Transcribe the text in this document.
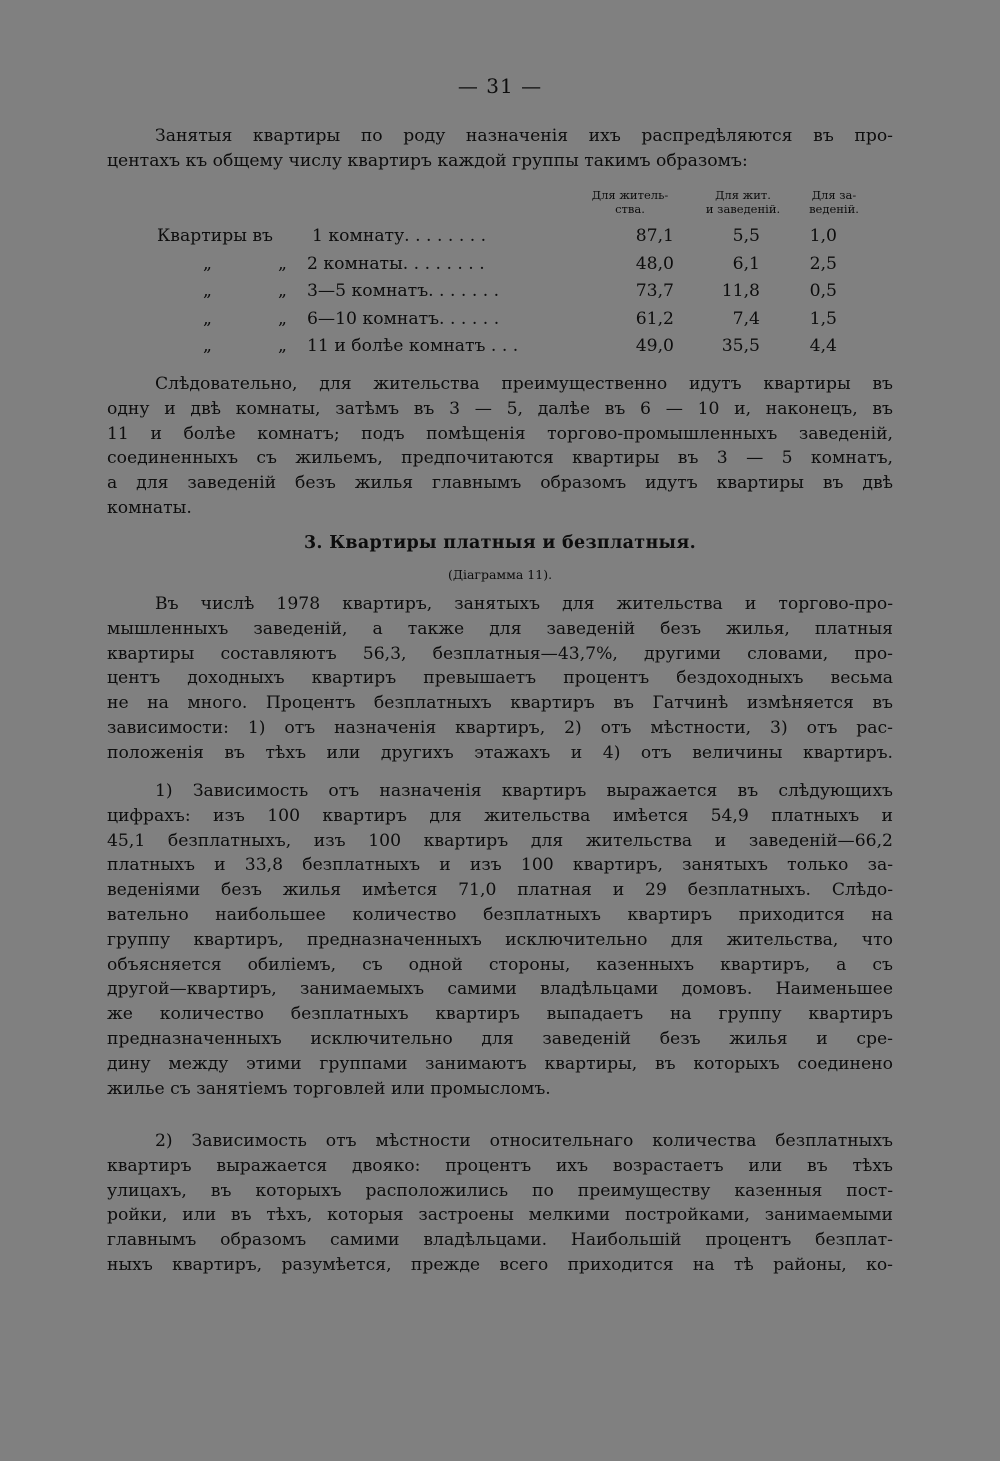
— 31 —
Занятыя квартиры по роду назначенія ихъ распредѣляются въ про-
центахъ къ общему числу квартиръ каждой группы такимъ образомъ:
Для житель-
ства.
Для жит.
и заведеній.
Для за-
веденій.
Квартиры въ 1 комнату. . . . . . . .	87,1	5,5	1,0
„	„ 2 комнаты. . . . . . . .	48,0	6,1	2,5
„	„ 3—5 комнатъ. . . . . . .	73,7	11,8	0,5
„	„ 6—10 комнатъ. . . . . .	61,2	7,4	1,5
„	„ 11 и болѣе комнатъ . . .	49,0	35,5	4,4
Слѣдовательно, для жительства преимущественно идутъ квартиры въ
одну и двѣ комнаты, затѣмъ въ 3 — 5, далѣе въ 6 — 10 и, наконецъ, въ
11 и болѣе комнатъ; подъ помѣщенія торгово-промышленныхъ заведеній,
соединенныхъ съ жильемъ, предпочитаются квартиры въ 3 — 5 комнатъ,
а для заведеній безъ жилья главнымъ образомъ идутъ квартиры въ двѣ
комнаты.
3. Квартиры платныя и безплатныя.
(Діаграмма 11).
Въ числѣ 1978 квартиръ, занятыхъ для жительства и торгово-про-
мышленныхъ заведеній, а также для заведеній безъ жилья, платныя
квартиры составляютъ 56,3, безплатныя—43,7%, другими словами, про-
центъ доходныхъ квартиръ превышаетъ процентъ бездоходныхъ весьма
не на много. Процентъ безплатныхъ квартиръ въ Гатчинѣ измѣняется въ
зависимости: 1) отъ назначенія квартиръ, 2) отъ мѣстности, 3) отъ рас-
положенія въ тѣхъ или другихъ этажахъ и 4) отъ величины квартиръ.
1) Зависимость отъ назначенія квартиръ выражается въ слѣдующихъ
цифрахъ: изъ 100 квартиръ для жительства имѣется 54,9 платныхъ и
45,1 безплатныхъ, изъ 100 квартиръ для жительства и заведеній—66,2
платныхъ и 33,8 безплатныхъ и изъ 100 квартиръ, занятыхъ только за-
веденіями безъ жилья имѣется 71,0 платная и 29 безплатныхъ. Слѣдо-
вательно наибольшее количество безплатныхъ квартиръ приходится на
группу квартиръ, предназначенныхъ исключительно для жительства, что
объясняется обиліемъ, съ одной стороны, казенныхъ квартиръ, а съ
другой—квартиръ, занимаемыхъ самими владѣльцами домовъ. Наименьшее
же количество безплатныхъ квартиръ выпадаетъ на группу квартиръ
предназначенныхъ исключительно для заведеній безъ жилья и сре-
дину между этими группами занимаютъ квартиры, въ которыхъ соединено
жилье съ занятіемъ торговлей или промысломъ.
2) Зависимость отъ мѣстности относительнаго количества безплатныхъ
квартиръ выражается двояко: процентъ ихъ возрастаетъ или въ тѣхъ
улицахъ, въ которыхъ расположились по преимуществу казенныя пост-
ройки, или въ тѣхъ, которыя застроены мелкими постройками, занимаемыми
главнымъ образомъ самими владѣльцами. Наибольшій процентъ безплат-
ныхъ квартиръ, разумѣется, прежде всего приходится на тѣ районы, ко-
